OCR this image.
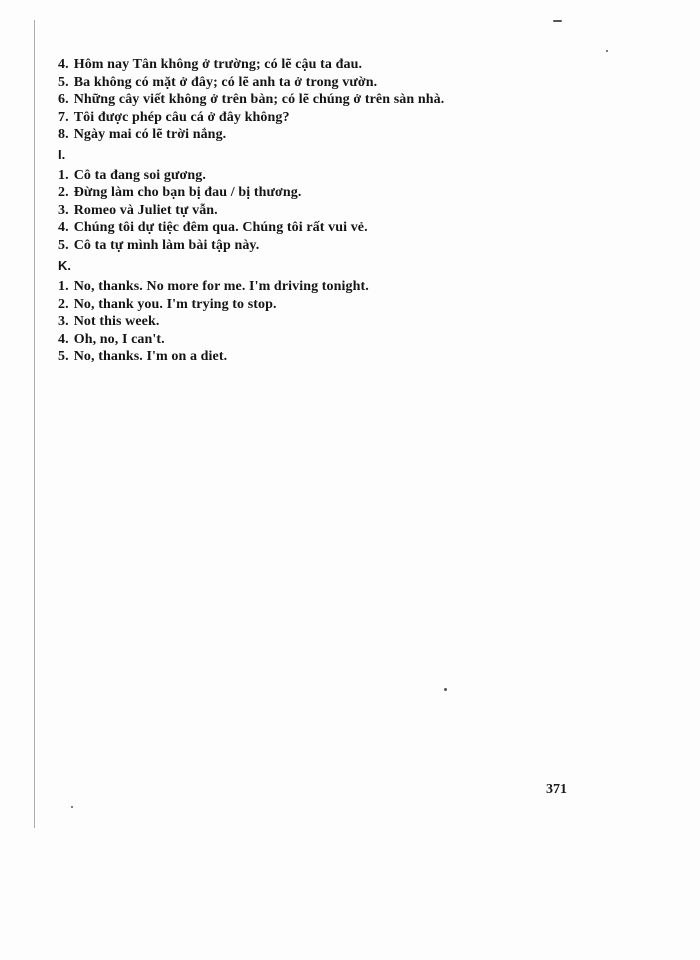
4. Hôm nay Tân không ở trường; có lẽ cậu ta đau.
5. Ba không có mặt ở đây; có lẽ anh ta ở trong vườn.
6. Những cây viết không ở trên bàn; có lẽ chúng ở trên sàn nhà.
7. Tôi được phép câu cá ở đây không?
8. Ngày mai có lẽ trời nắng.
I.
1. Cô ta đang soi gương.
2. Đừng làm cho bạn bị đau / bị thương.
3. Romeo và Juliet tự vẫn.
4. Chúng tôi dự tiệc đêm qua. Chúng tôi rất vui vẻ.
5. Cô ta tự mình làm bài tập này.
K.
1. No, thanks. No more for me. I'm driving tonight.
2. No, thank you. I'm trying to stop.
3. Not this week.
4. Oh, no, I can't.
5. No, thanks. I'm on a diet.
371
